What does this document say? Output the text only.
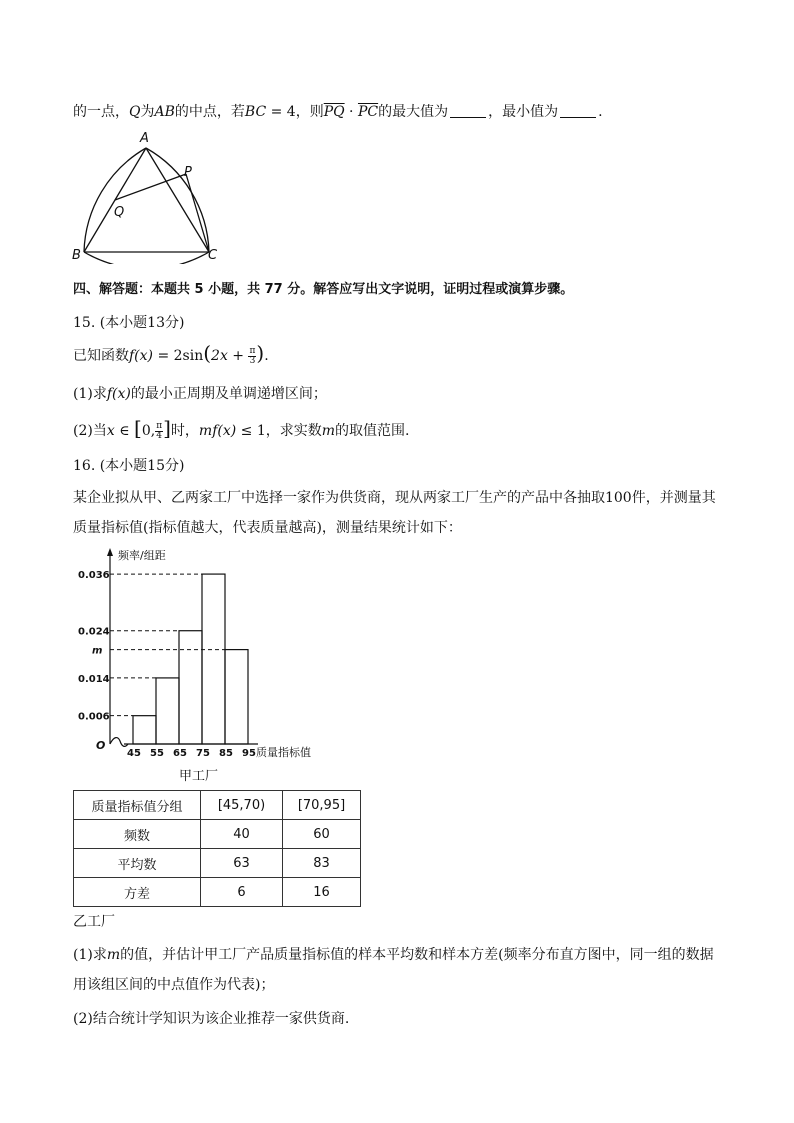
的一点，Q为AB的中点，若BC = 4，则$\overline{PQ} \cdot \overline{PC}$的最大值为	，最小值为	.
A
P
Q
B	C
四、解答题：本题共 5 小题，共 77 分。解答应写出文字说明，证明过程或演算步骤。
15. (本小题13分)
已知函数$f(x) = 2\sin(2x + \frac{\pi}{3}$ ).
(1)求f(x)的最小正周期及单调递增区间；
(2)当x ∈ [0, $\frac{\pi}{4}$ ]时，mf(x) ≤ 1，求实数m的取值范围.
16. (本小题15分)
某企业拟从甲、乙两家工厂中选择一家作为供货商，现从两家工厂生产的产品中各抽取100件，并测量其
质量指标值(指标值越大，代表质量越高)，测量结果统计如下：
频率/组距
质量指标值
O
0.006
0.014
m
0.024
0.036
45 55 65 75 85 95
甲工厂
质量指标值分组	[45,70)	[70,95]
频数	40	60
平均数	63	83
方差	6	16
乙工厂
(1)求m的值，并估计甲工厂产品质量指标值的样本平均数和样本方差(频率分布直方图中，同一组的数据
用该组区间的中点值作为代表)；
(2)结合统计学知识为该企业推荐一家供货商.
